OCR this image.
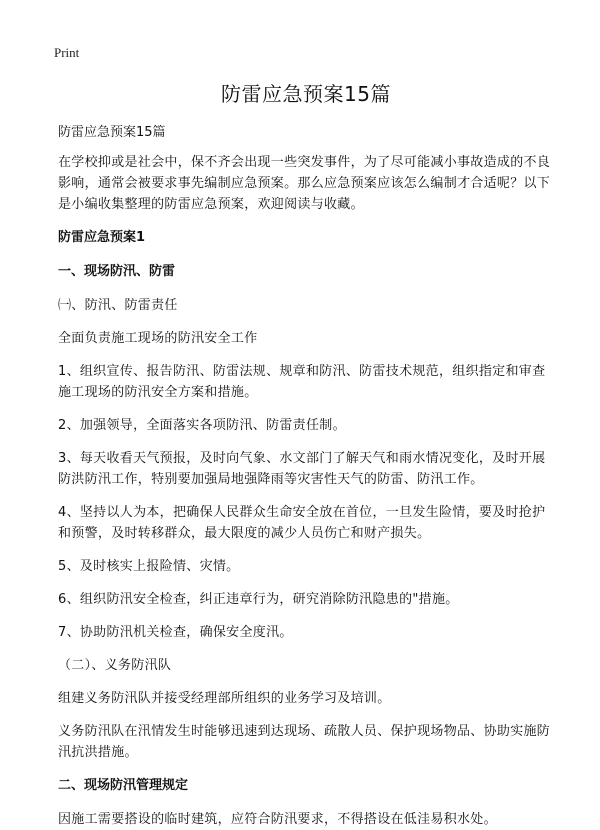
Print
防雷应急预案15篇
防雷应急预案15篇
在学校抑或是社会中，保不齐会出现一些突发事件，为了尽可能减小事故造成的不良影响，通常会被要求事先编制应急预案。那么应急预案应该怎么编制才合适呢？以下是小编收集整理的防雷应急预案，欢迎阅读与收藏。
防雷应急预案1
一、现场防汛、防雷
㈠、防汛、防雷责任
全面负责施工现场的防汛安全工作
1、组织宣传、报告防汛、防雷法规、规章和防汛、防雷技术规范，组织指定和审查施工现场的防汛安全方案和措施。
2、加强领导，全面落实各项防汛、防雷责任制。
3、每天收看天气预报，及时向气象、水文部门了解天气和雨水情况变化，及时开展防洪防汛工作，特别要加强局地强降雨等灾害性天气的防雷、防汛工作。
4、坚持以人为本，把确保人民群众生命安全放在首位，一旦发生险情，要及时抢护和预警，及时转移群众，最大限度的减少人员伤亡和财产损失。
5、及时核实上报险情、灾情。
6、组织防汛安全检查，纠正违章行为，研究消除防汛隐患的"措施。
7、协助防汛机关检查，确保安全度汛。
（二）、义务防汛队
组建义务防汛队并接受经理部所组织的业务学习及培训。
义务防汛队在汛情发生时能够迅速到达现场、疏散人员、保护现场物品、协助实施防汛抗洪措施。
二、现场防汛管理规定
因施工需要搭设的临时建筑，应符合防汛要求，不得搭设在低洼易积水处。
